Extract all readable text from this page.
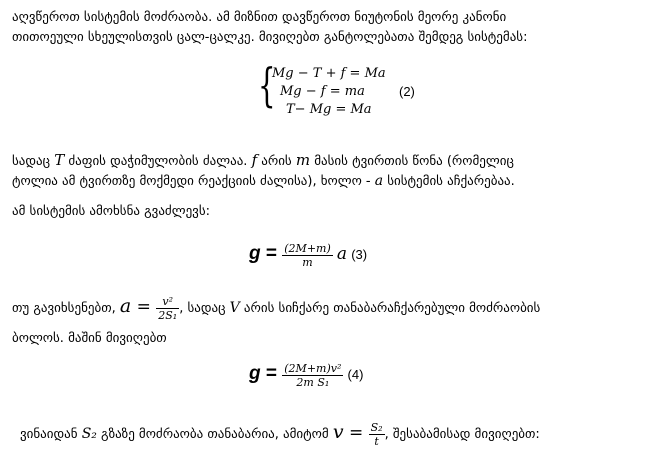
აღვწეროთ სისტემის მოძრაობა. ამ მიზნით დავწეროთ ნიუტონის მეორე კანონი
თითოეული სხეულისთვის ცალ-ცალკე. მივიღებთ განტოლებათა შემდეგ სისტემას:
{
Mg − T + f = Ma
Mg − f = ma
T− Mg = Ma
(2)
სადაც T ძაფის დაჭიმულობის ძალაა. f არის m მასის ტვირთის წონა (რომელიც
ტოლია ამ ტვირთზე მოქმედი რეაქციის ძალისა), ხოლო - a სისტემის აჩქარებაა.
ამ სისტემის ამოხსნა გვაძლევს:
$g = \frac{(2M+m)}{m}$ a (3)
თუ გავიხსენებთ, $a = \frac{\text{v²}}{\text{2S₁}}$ , სადაც V არის სიჩქარე თანაბარაჩქარებული მოძრაობის
ბოლოს. მაშინ მივიღებთ
$g = \frac{\text{(2M+m)v²}}{\text{2m S₁}} (4)$
ვინაიდან S₂ გზაზე მოძრაობა თანაბარია, ამიტომ $v = \frac{\text{S₂}}{t}$ , შესაბამისად მივიღებთ:
